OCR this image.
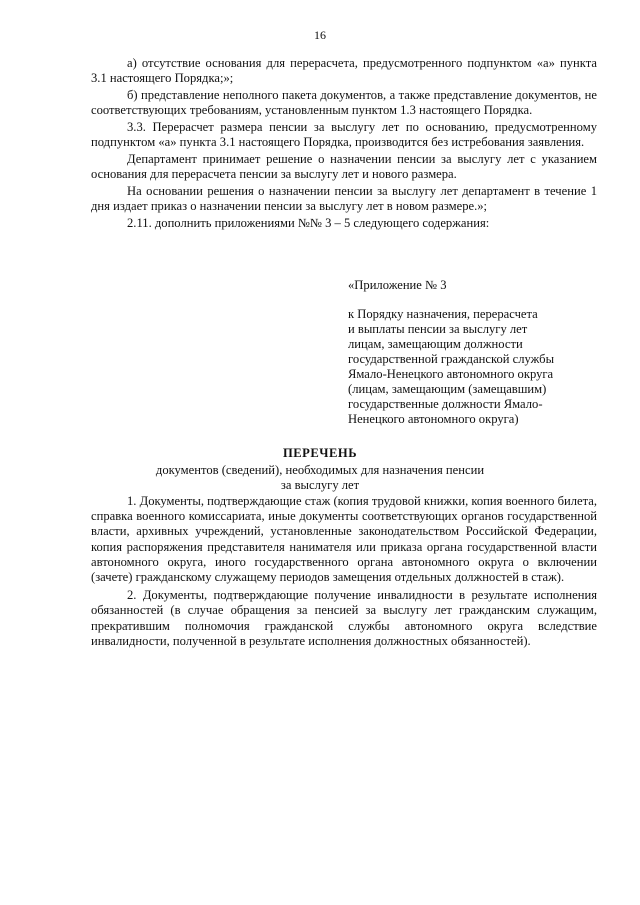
16

а) отсутствие основания для перерасчета, предусмотренного подпунктом «а» пункта 3.1 настоящего Порядка;»;

б) представление неполного пакета документов, а также представление документов, не соответствующих требованиям, установленным пунктом 1.3 настоящего Порядка.

3.3. Перерасчет размера пенсии за выслугу лет по основанию, предусмотренному подпунктом «а» пункта 3.1 настоящего Порядка, производится без истребования заявления.

Департамент принимает решение о назначении пенсии за выслугу лет с указанием основания для перерасчета пенсии за выслугу лет и нового размера.

На основании решения о назначении пенсии за выслугу лет департамент в течение 1 дня издает приказ о назначении пенсии за выслугу лет в новом размере.»;

2.11. дополнить приложениями №№ 3 – 5 следующего содержания:

«Приложение № 3

к Порядку назначения, перерасчета

и выплаты пенсии за выслугу лет

лицам, замещающим должности

государственной гражданской службы

Ямало-Ненецкого автономного округа

(лицам, замещающим (замещавшим)

государственные должности Ямало-

Ненецкого автономного округа)

ПЕРЕЧЕНЬ

документов (сведений), необходимых для назначения пенсии

за выслугу лет

1. Документы, подтверждающие стаж (копия трудовой книжки, копия военного билета, справка военного комиссариата, иные документы соответствующих органов государственной власти, архивных учреждений, установленные законодательством Российской Федерации, копия распоряжения представителя нанимателя или приказа органа государственной власти автономного округа, иного государственного органа автономного округа о включении (зачете) гражданскому служащему периодов замещения отдельных должностей в стаж).

2. Документы, подтверждающие получение инвалидности в результате исполнения обязанностей (в случае обращения за пенсией за выслугу лет гражданским служащим, прекратившим полномочия гражданской службы автономного округа вследствие инвалидности, полученной в результате исполнения должностных обязанностей).
